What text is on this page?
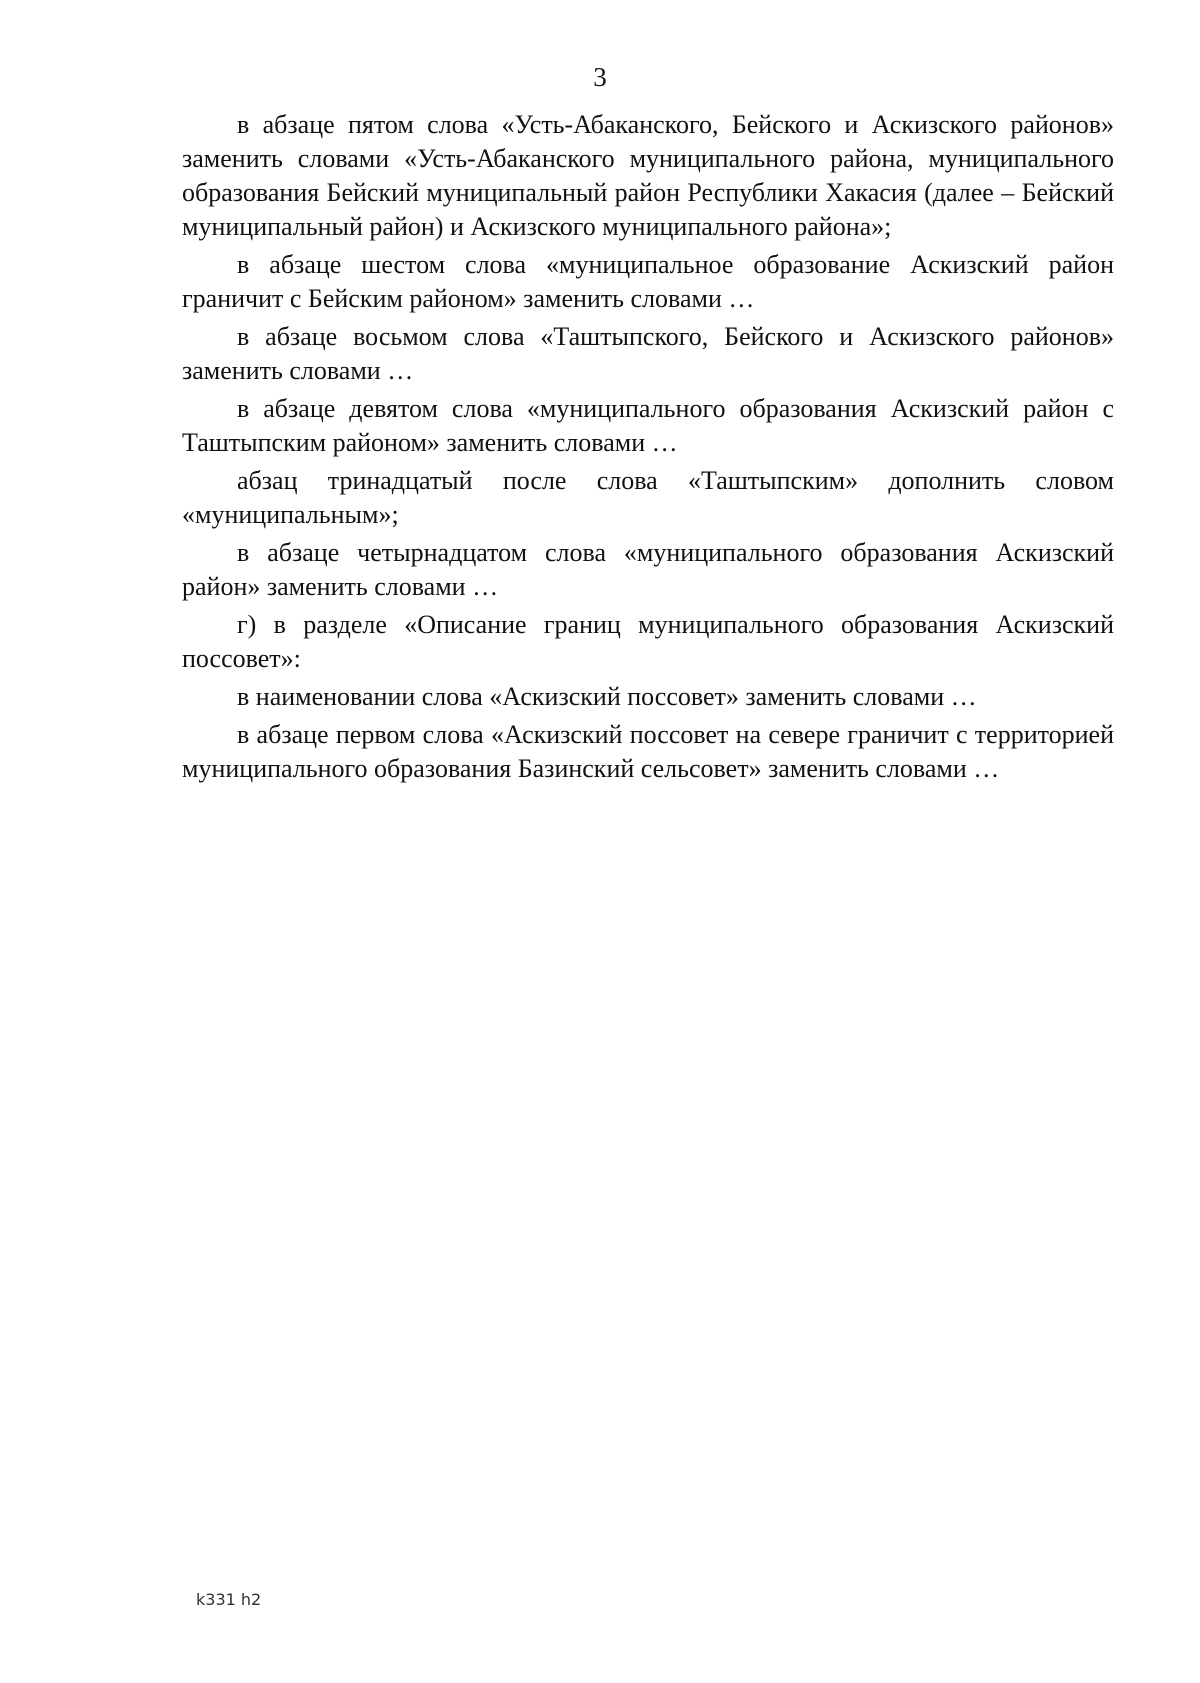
3

в абзаце пятом слова «Усть-Абаканского, Бейского и Аскизского районов» заменить словами «Усть-Абаканского муниципального района, муниципального образования Бейский муниципальный район Республики Хакасия (далее – Бейский муниципальный район) и Аскизского муниципального района»;

в абзаце шестом слова «муниципальное образование Аскизский район граничит с Бейским районом» заменить словами …

в абзаце восьмом слова «Таштыпского, Бейского и Аскизского районов» заменить словами …

в абзаце девятом слова «муниципального образования Аскизский район с Таштыпским районом» заменить словами …

абзац тринадцатый после слова «Таштыпским» дополнить словом «муниципальным»;

в абзаце четырнадцатом слова «муниципального образования Аскизский район» заменить словами …

г) в разделе «Описание границ муниципального образования Аскизский поссовет»:

в наименовании слова «Аскизский поссовет» заменить словами …

в абзаце первом слова «Аскизский поссовет на севере граничит с территорией муниципального образования Базинский сельсовет» заменить словами …

k331 h2
